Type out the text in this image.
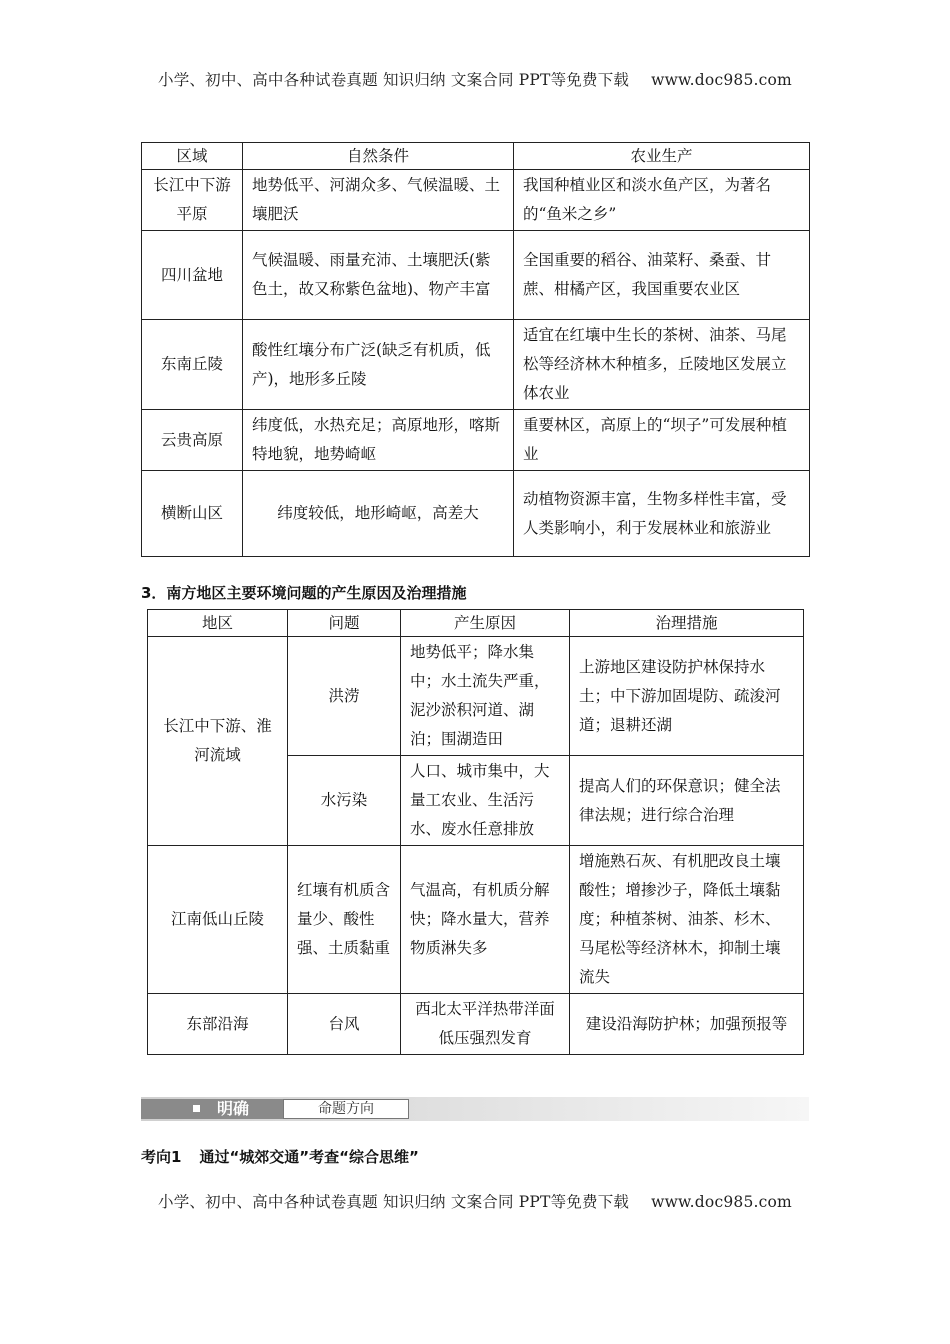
小学、初中、高中各种试卷真题 知识归纳 文案合同 PPT等免费下载 www.doc985.com
区域	自然条件	农业生产
长江中下游平原	地势低平、河湖众多、气候温暖、土壤肥沃	我国种植业区和淡水鱼产区，为著名的“鱼米之乡”
四川盆地	气候温暖、雨量充沛、土壤肥沃(紫色土，故又称紫色盆地)、物产丰富	全国重要的稻谷、油菜籽、桑蚕、甘蔗、柑橘产区，我国重要农业区
东南丘陵	酸性红壤分布广泛(缺乏有机质，低产)，地形多丘陵	适宜在红壤中生长的茶树、油茶、马尾松等经济林木种植多，丘陵地区发展立体农业
云贵高原	纬度低，水热充足；高原地形，喀斯特地貌，地势崎岖	重要林区，高原上的“坝子”可发展种植业
横断山区	纬度较低，地形崎岖，高差大	动植物资源丰富，生物多样性丰富，受人类影响小，利于发展林业和旅游业
3．南方地区主要环境问题的产生原因及治理措施
地区	问题	产生原因	治理措施
长江中下游、淮河流域	洪涝	地势低平；降水集中；水土流失严重，泥沙淤积河道、湖泊；围湖造田	上游地区建设防护林保持水土；中下游加固堤防、疏浚河道；退耕还湖
	水污染	人口、城市集中，大量工农业、生活污水、废水任意排放	提高人们的环保意识；健全法律法规；进行综合治理
江南低山丘陵	红壤有机质含量少、酸性强、土质黏重	气温高，有机质分解快；降水量大，营养物质淋失多	增施熟石灰、有机肥改良土壤酸性；增掺沙子，降低土壤黏度；种植茶树、油茶、杉木、马尾松等经济林木，抑制土壤流失
东部沿海	台风	西北太平洋热带洋面低压强烈发育	建设沿海防护林；加强预报等
明确	命题方向
考向1 通过“城郊交通”考查“综合思维”
小学、初中、高中各种试卷真题 知识归纳 文案合同 PPT等免费下载 www.doc985.com
